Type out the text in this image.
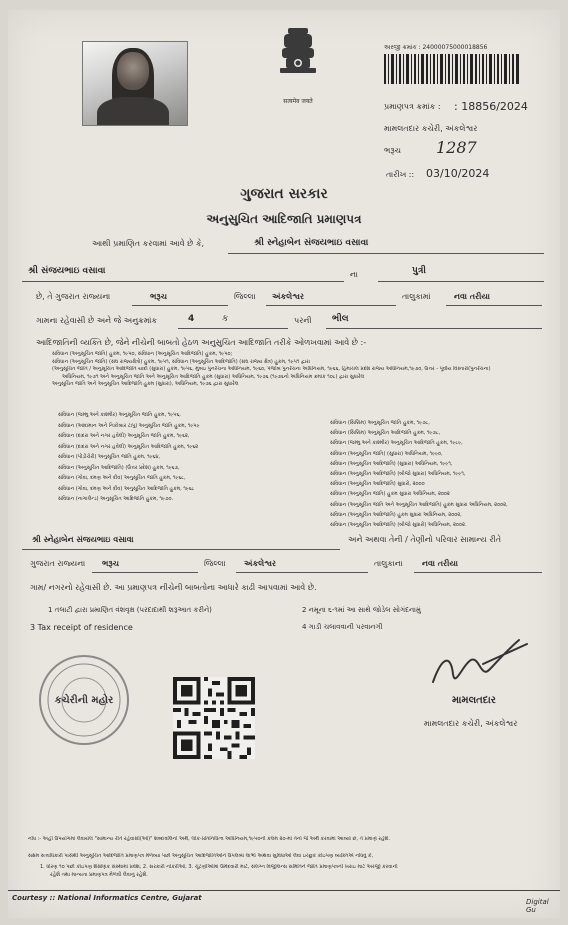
सत्यमेव जयते
અરજી ક્રમાંક : 24000075000018856
પ્રમાણપત્ર ક્રમાંક : : 18856/2024
મામલતદાર કચેરી, અંકલેશ્વર
ભરૂચ 1287
તારીખ :: 03/10/2024
ગુજરાત સરકાર
અનુસુચિત આદિજાતિ પ્રમાણપત્ર
આથી પ્રમાણિત કરવામાં આવે છે કે,	શ્રી સ્નેહાબેન સંજયભાઇ વસાવા
શ્રી સંજયભાઇ વસાવા	ના	પુત્રી
છે, તે ગુજરાત રાજ્યના	ભરૂચ	જિલ્લા અંકલેશ્વર	તાલુકામાં	નવા તરીયા
ગામના રહેવાસી છે અને જે અનુક્રમાંક	4	ક	પરની ભીલ
આદિજાતિની વ્યક્તિ છે, જેને નીચેની બાબતો હેઠળ અનુસુચિત આદિજાતિ તરીકે ઓળખવામાં આવે છે :-
સંવિધાન (અનુસૂચિત જાતિ) હુકમ, ૧૯૫૦, સંવિધાન (અનુસૂચિત આદિજાતિ) હુકમ, ૧૯૫૦;
સંવિધાન (અનુસૂચિત જાતિ) (સંઘ રાજ્યક્ષેત્રો) હુકમ, ૧૯૫૧, સંવિધાન (અનુસૂચિત આદિજાતિ) (સંઘ રાજ્ય ક્ષેત્ર) હુકમ, ૧૯૫૧ દ્વારા
(અનુસૂચિત જાતિ / અનુસૂચિત આદિજાતિ યાદી (સુધારા) હુકમ, ૧૯૫૬, મુંબઇ પુનર્રચના અધિનિયમ, ૧૯૬૦, પંજાબ પુનર્રચના અધિનિયમ, ૧૯૬૬, હિમાચલ પ્રદેશ રાજ્ય અધિનિયમ,૧૯૭૦, ઉત્તર - પૂર્વીય વિસ્તારો(પુનર્રચના)
અધિનિયમ, ૧૯૭૧ અને અનુસૂચિત જાતિ અને અનુસૂચિત આદિજાતિ હુકમ (સુધારા) અધિનિયમ, ૧૯૭૬ (૧૯૭૬નો અધિનિયમ ક્રમાંક ૧૦૮) દ્વારા સુધારેલ
અનુસૂચિત જાતિ અને અનુસૂચિત આદિજાતિ હુકમ (સુધારા), અધિનિયમ, ૧૯૭૬ દ્વારા સુધારેલ
સંવિધાન (જમ્મુ અને કાશ્મીર) અનુસૂચિત જાતિ હુકમ, ૧૯૫૬,
સંવિધાન (આંદામાન અને નિકોબાર ટાપુ) અનુસૂચિત જાતિ હુકમ, ૧૯૫૯
સંવિધાન (દાદરા અને નગર હવેલી) અનુસૂચિત જાતિ હુકમ, ૧૯૬૨,
સંવિધાન (દાદરા અને નગર હવેલી) અનુસૂચિત આદિજાતિ હુકમ, ૧૯૬૨
સંવિધાન (પોંડીચેરી) અનુસૂચિત જાતિ હુકમ, ૧૯૬૪,
સંવિધાન (અનુસૂચિત આદિજાતિ) (ઉત્તર પ્રદેશ) હુકમ, ૧૯૬૭,
સંવિધાન (ગોવા, દમણ અને દીવ) અનુસૂચિત જાતિ હુકમ, ૧૯૬૮,
સંવિધાન (ગોવા, દમણ અને દીવ) અનુસૂચિત આદિજાતિ હુકમ, ૧૯૬૮
સંવિધાન (નાગાલેન્ડ) અનુસૂચિત આદિજાતિ હુકમ, ૧૯૭૦.
સંવિધાન (સિક્કિમ) અનુસૂચિત જાતિ હુકમ, ૧૯૭૮,
સંવિધાન (સિક્કિમ) અનુસૂચિત આદિજાતિ હુકમ, ૧૯૭૮,
સંવિધાન (જમ્મુ અને કાશ્મીર) અનુસૂચિત આદિજાતિ હુકમ, ૧૯૮૯,
સંવિધાન (અનુસૂચિત જાતિ) (સુધારા) અધિનિયમ, ૧૯૯૦,
સંવિધાન (અનુસૂચિત આદિજાતિ) (સુધારા) અધિનિયમ, ૧૯૯૧,
સંવિધાન (અનુસૂચિત આદિજાતિ) (બીજો સુધારા) અધિનિયમ, ૧૯૯૧,
સંવિધાન (અનુસૂચિત આદિજાતિ) સુધારો, ૨૦૦૦
સંવિધાન (અનુસૂચિત જાતિ) હુકમ સુધારા અધિનિયમ, ૨૦૦૨
સંવિધાન (અનુસૂચિત જાતિ અને અનુસૂચિત આદિજાતિ) હુકમ સુધારા અધિનિયમ, ૨૦૦૨,
સંવિધાન (અનુસૂચિત આદિજાતિ) હુકમ સુધારા અધિનિયમ, ૨૦૦૨,
સંવિધાન (અનુસૂચિત આદિજાતિ) (બીજો સુધારો) અધિનિયમ, ૨૦૦૨.
શ્રી સ્નેહાબેન સંજયભાઇ વસાવા	અને અથવા તેની / તેણીનો પરિવાર સામાન્ય રીતે
ગુજરાત રાજ્યના ભરૂચ	જિલ્લા અંકલેશ્વર	તાલુકાના નવા તરીયા
ગામ/ નગરનો રહેવાસી છે. આ પ્રમાણપત્ર નીચેની બાબતોના આધારે કાઢી આપવામાં આવે છે.
1 તલાટી દ્વારા પ્રમાણિત વંશવૃક્ષ (પરદાદાથી શરૂઆત કરીને)	2 નમૂના ૬-૧માં આ સાથે જોડેલ સોગંદનામું
3 Tax receipt of residence	4 ગાડી ચલાવવાની પરવાનગી
કચેરીની મહોર	મામલતદાર
મામલતદાર કચેરી, અંકલેશ્વર
નોંધ :- અહીં ઉપયોગમાં લેવાયેલ "સામાન્ય રીતે રહેવાસી(ઓ)" શબ્દાવલિનો અર્થ, લોક-પ્રતિનિધિત્વ અધિનિયમ,૧૯૫૦ની કલમ ૨૦-માં તેનો જે અર્થ કરવામાં આવ્યો છે, તે પ્રમાણે રહેશે.
સક્ષમ સત્તાધિકારી પાસેથી અનુસૂચિત આદિજાતિ પ્રમાણપત્ર મેળવ્યા પછી અનુસૂચિત આદિજાતિઓને ઉપલબ્ધ લાભો અથવા સુવિધાઓ લેવા ઇચ્છુક કોઇપણ વ્યક્તિએ નોંધવું કે,
1. ધોરણ ૧૦ પછી કોઇપણ શૈક્ષણિક સંસ્થામાં પ્રવેશ, 2. સરકારી નોકરીઓ, 3. ચૂંટણીઓમાં ઉમેદવારી માટે, સંલગ્ન વિજીલન્સ સમિતિને જાતિ પ્રમાણપત્રની ખરાઇ માટે અરજી કરવાની
રહેશે તથા માન્યતા પ્રમાણપત્ર મેળવી લેવાનું રહેશે.
Courtesy :: National Informatics Centre, Gujarat	Digital Gu
